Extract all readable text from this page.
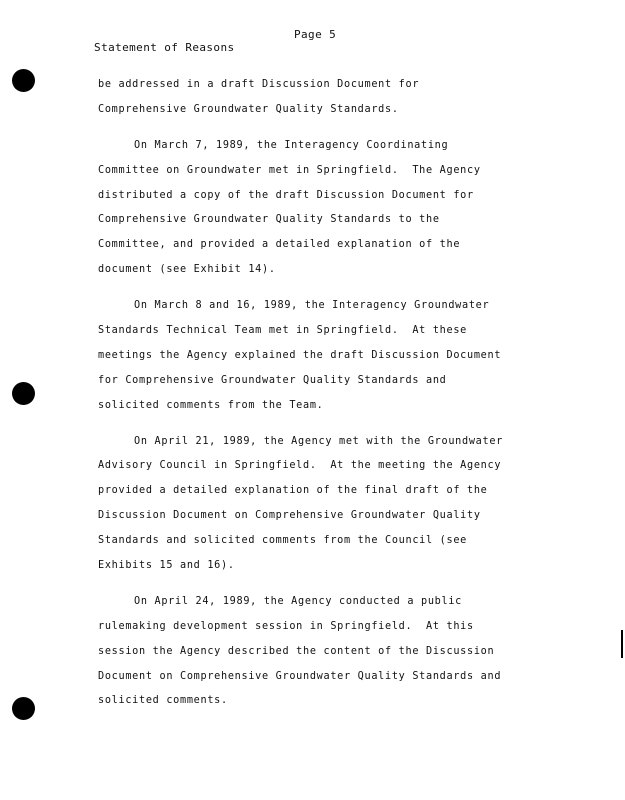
Statement of Reasons

Page 5

be addressed in a draft Discussion Document for
Comprehensive Groundwater Quality Standards.
On March 7, 1989, the Interagency Coordinating
Committee on Groundwater met in Springfield.  The Agency
distributed a copy of the draft Discussion Document for
Comprehensive Groundwater Quality Standards to the
Committee, and provided a detailed explanation of the
document (see Exhibit 14).
On March 8 and 16, 1989, the Interagency Groundwater
Standards Technical Team met in Springfield.  At these
meetings the Agency explained the draft Discussion Document
for Comprehensive Groundwater Quality Standards and
solicited comments from the Team.
On April 21, 1989, the Agency met with the Groundwater
Advisory Council in Springfield.  At the meeting the Agency
provided a detailed explanation of the final draft of the
Discussion Document on Comprehensive Groundwater Quality
Standards and solicited comments from the Council (see
Exhibits 15 and 16).
On April 24, 1989, the Agency conducted a public
rulemaking development session in Springfield.  At this
session the Agency described the content of the Discussion
Document on Comprehensive Groundwater Quality Standards and
solicited comments.
